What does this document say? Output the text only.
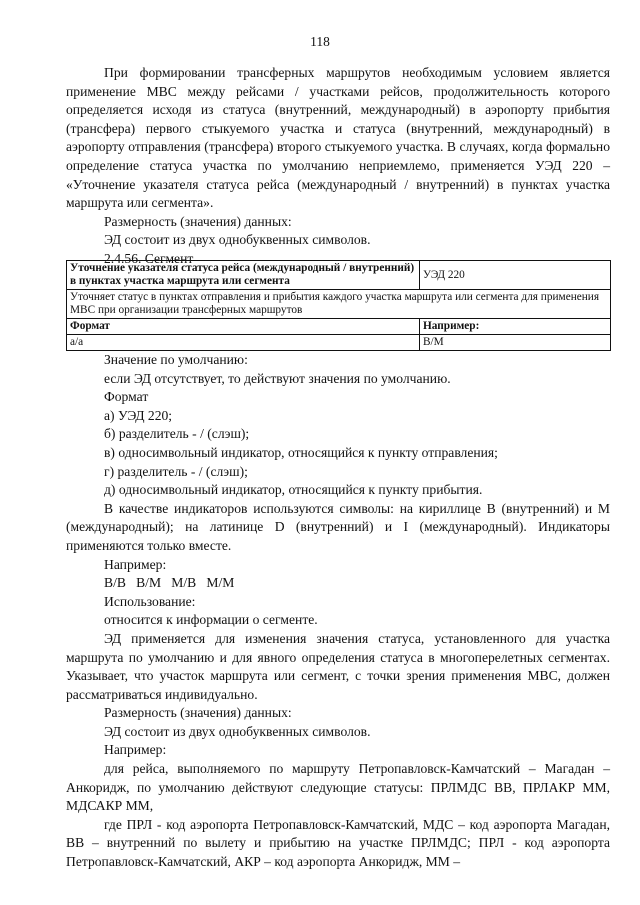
118

При формировании трансферных маршрутов необходимым условием является применение МВС между рейсами / участками рейсов, продолжительность которого определяется исходя из статуса (внутренний, международный) в аэропорту прибытия (трансфера) первого стыкуемого участка и статуса (внутренний, международный) в аэропорту отправления (трансфера) второго стыкуемого участка. В случаях, когда формально определение статуса участка по умолчанию неприемлемо, применяется УЭД 220 – «Уточнение указателя статуса рейса (международный / внутренний) в пунктах участка маршрута или сегмента».

Размерность (значения) данных:

ЭД состоит из двух однобуквенных символов.

2.4.56. Сегмент

Уточнение указателя статуса рейса (международный / внутренний) в пунктах участка маршрута или сегмента	УЭД 220
Уточняет статус в пунктах отправления и прибытия каждого участка маршрута или сегмента для применения МВС при организации трансферных маршрутов	
Формат	Например:
а/а	В/М

Значение по умолчанию:

если ЭД отсутствует, то действуют значения по умолчанию.

Формат

а) УЭД 220;

б) разделитель - / (слэш);

в) односимвольный индикатор, относящийся к пункту отправления;

г) разделитель - / (слэш);

д) односимвольный индикатор, относящийся к пункту прибытия.

В качестве индикаторов используются символы: на кириллице В (внутренний) и М (международный); на латинице D (внутренний) и I (международный). Индикаторы применяются только вместе.

Например:

В/В   В/М   М/В   М/М

Использование:

относится к информации о сегменте.

ЭД применяется для изменения значения статуса, установленного для участка маршрута по умолчанию и для явного определения статуса в многоперелетных сегментах. Указывает, что участок маршрута или сегмент, с точки зрения применения МВС, должен рассматриваться индивидуально.

Размерность (значения) данных:

ЭД состоит из двух однобуквенных символов.

Например:

для рейса, выполняемого по маршруту Петропавловск-Камчатский – Магадан – Анкоридж, по умолчанию действуют следующие статусы: ПРЛМДС ВВ, ПРЛАКР ММ, МДСАКР ММ,

где ПРЛ - код аэропорта Петропавловск-Камчатский, МДС – код аэропорта Магадан, ВВ – внутренний по вылету и прибытию на участке ПРЛМДС; ПРЛ - код аэропорта Петропавловск-Камчатский, АКР – код аэропорта Анкоридж, ММ –
